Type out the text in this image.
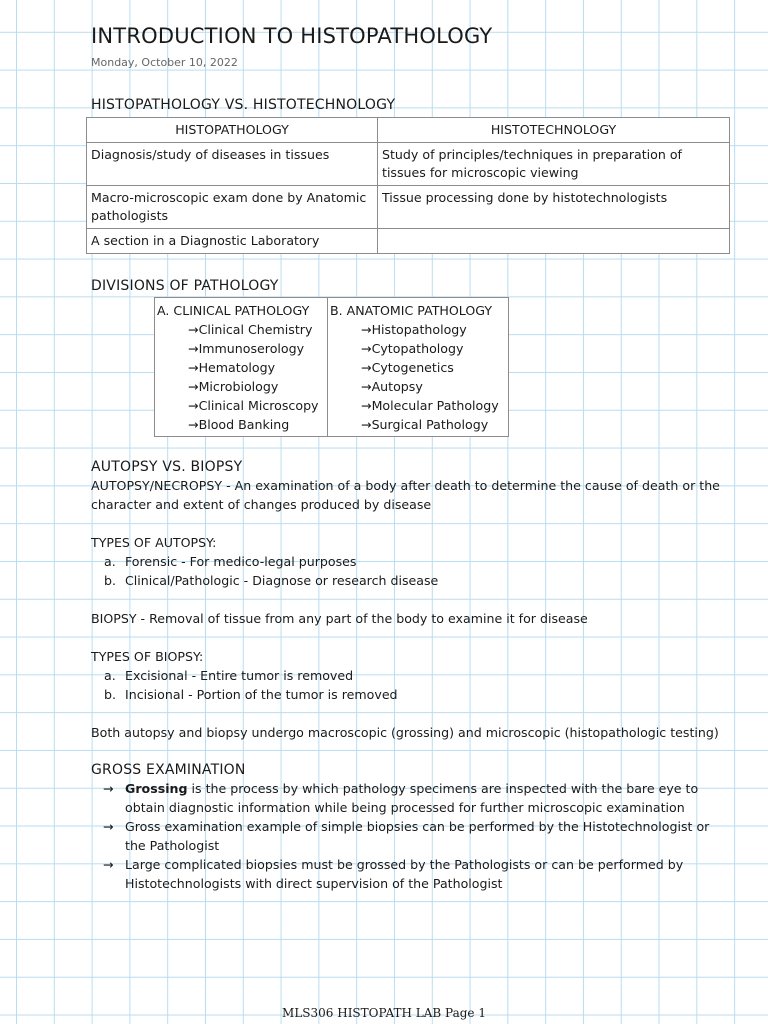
INTRODUCTION TO HISTOPATHOLOGY
Monday, October 10, 2022
HISTOPATHOLOGY VS. HISTOTECHNOLOGY
HISTOPATHOLOGY	HISTOTECHNOLOGY
Diagnosis/study of diseases in tissues	Study of principles/techniques in preparation of tissues for microscopic viewing
Macro-microscopic exam done by Anatomic pathologists	Tissue processing done by histotechnologists
A section in a Diagnostic Laboratory	
DIVISIONS OF PATHOLOGY
A. CLINICAL PATHOLOGY
→Clinical Chemistry
→Immunoserology
→Hematology
→Microbiology
→Clinical Microscopy
→Blood Banking

B. ANATOMIC PATHOLOGY
→Histopathology
→Cytopathology
→Cytogenetics
→Autopsy
→Molecular Pathology
→Surgical Pathology
AUTOPSY VS. BIOPSY
AUTOPSY/NECROPSY - An examination of a body after death to determine the cause of death or the character and extent of changes produced by disease
TYPES OF AUTOPSY:
a. Forensic - For medico-legal purposes
b. Clinical/Pathologic - Diagnose or research disease
BIOPSY - Removal of tissue from any part of the body to examine it for disease
TYPES OF BIOPSY:
a. Excisional - Entire tumor is removed
b. Incisional - Portion of the tumor is removed
Both autopsy and biopsy undergo macroscopic (grossing) and microscopic (histopathologic testing)
GROSS EXAMINATION
→ Grossing is the process by which pathology specimens are inspected with the bare eye to obtain diagnostic information while being processed for further microscopic examination
→ Gross examination example of simple biopsies can be performed by the Histotechnologist or the Pathologist
→ Large complicated biopsies must be grossed by the Pathologists or can be performed by Histotechnologists with direct supervision of the Pathologist
MLS306 HISTOPATH LAB Page 1
